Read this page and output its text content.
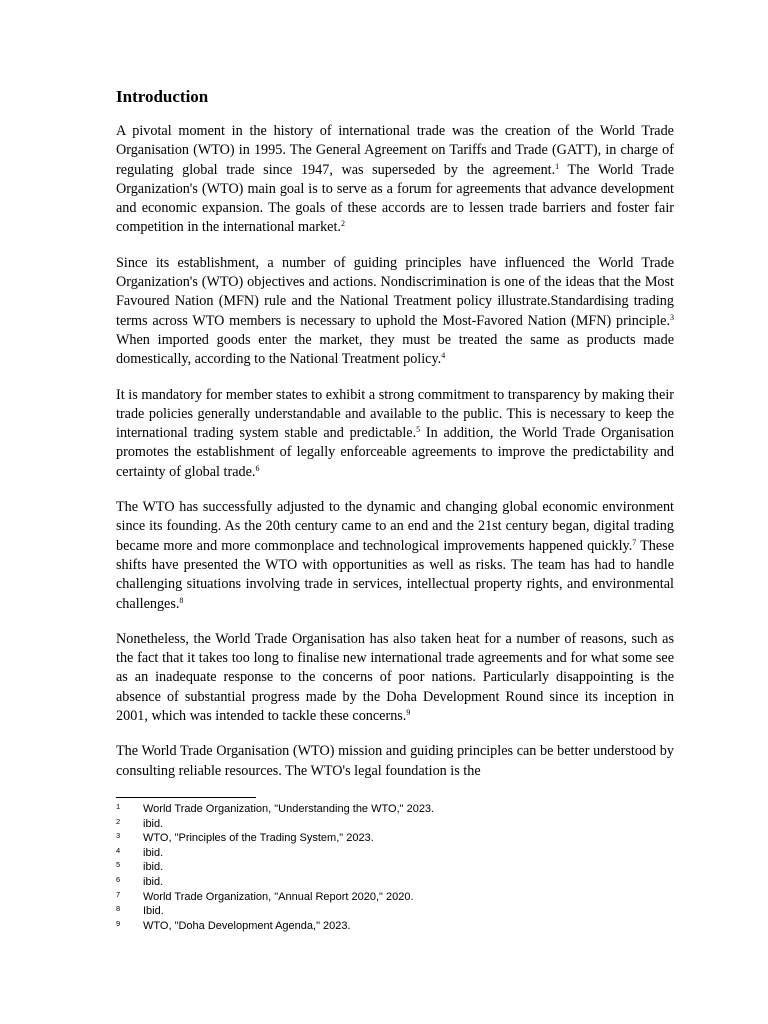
Introduction

A pivotal moment in the history of international trade was the creation of the World Trade Organisation (WTO) in 1995. The General Agreement on Tariffs and Trade (GATT), in charge of regulating global trade since 1947, was superseded by the agreement.$^1$ The World Trade Organization's (WTO) main goal is to serve as a forum for agreements that advance development and economic expansion. The goals of these accords are to lessen trade barriers and foster fair competition in the international market.$^2$

Since its establishment, a number of guiding principles have influenced the World Trade Organization's (WTO) objectives and actions. Nondiscrimination is one of the ideas that the Most Favoured Nation (MFN) rule and the National Treatment policy illustrate.Standardising trading terms across WTO members is necessary to uphold the Most-Favored Nation (MFN) principle.$^3$ When imported goods enter the market, they must be treated the same as products made domestically, according to the National Treatment policy.$^4$

It is mandatory for member states to exhibit a strong commitment to transparency by making their trade policies generally understandable and available to the public. This is necessary to keep the international trading system stable and predictable.$^5$ In addition, the World Trade Organisation promotes the establishment of legally enforceable agreements to improve the predictability and certainty of global trade.$^6$

The WTO has successfully adjusted to the dynamic and changing global economic environment since its founding. As the 20th century came to an end and the 21st century began, digital trading became more and more commonplace and technological improvements happened quickly.$^7$ These shifts have presented the WTO with opportunities as well as risks. The team has had to handle challenging situations involving trade in services, intellectual property rights, and environmental challenges.$^8$

Nonetheless, the World Trade Organisation has also taken heat for a number of reasons, such as the fact that it takes too long to finalise new international trade agreements and for what some see as an inadequate response to the concerns of poor nations. Particularly disappointing is the absence of substantial progress made by the Doha Development Round since its inception in 2001, which was intended to tackle these concerns.$^9$

The World Trade Organisation (WTO) mission and guiding principles can be better understood by consulting reliable resources. The WTO's legal foundation is the

1	World Trade Organization, "Understanding the WTO," 2023.
2	ibid.
3	WTO, "Principles of the Trading System," 2023.
4	ibid.
5	ibid.
6	ibid.
7	World Trade Organization, "Annual Report 2020," 2020.
8	Ibid.
9	WTO, "Doha Development Agenda," 2023.
